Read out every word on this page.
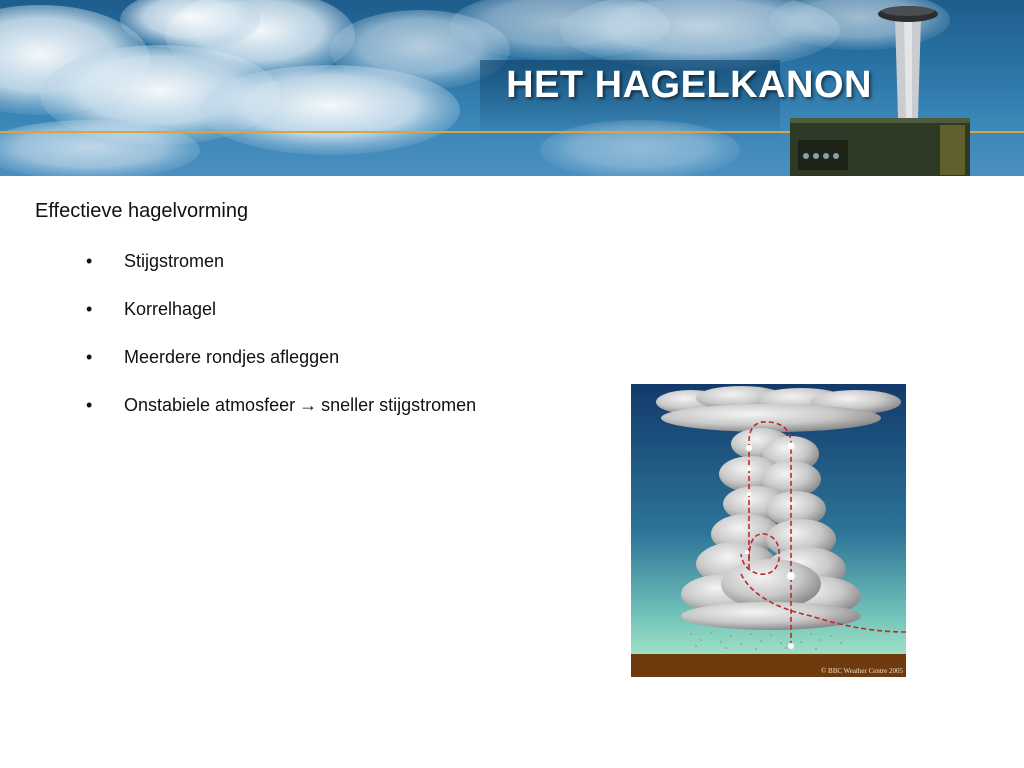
HET HAGELKANON
Effectieve hagelvorming
• Stijgstromen
• Korrelhagel
• Meerdere rondjes afleggen
• Onstabiele atmosfeer → sneller stijgstromen
© BBC Weather Centre 2005
